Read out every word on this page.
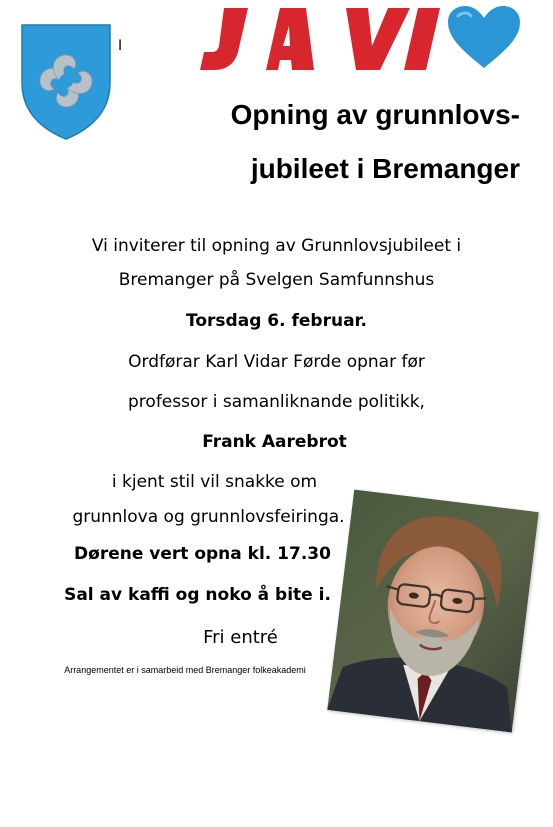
I
Opning av grunnlovs-
jubileet i Bremanger
Vi inviterer til opning av Grunnlovsjubileet i
Bremanger på Svelgen Samfunnshus
Torsdag 6. februar.
Ordførar Karl Vidar Førde opnar før
professor i samanliknande politikk,
Frank Aarebrot
i kjent stil vil snakke om
grunnlova og grunnlovsfeiringa.
Dørene vert opna kl. 17.30
Sal av kaffi og noko å bite i.
Fri entré
Arrangementet er i samarbeid med Bremanger folkeakademi
